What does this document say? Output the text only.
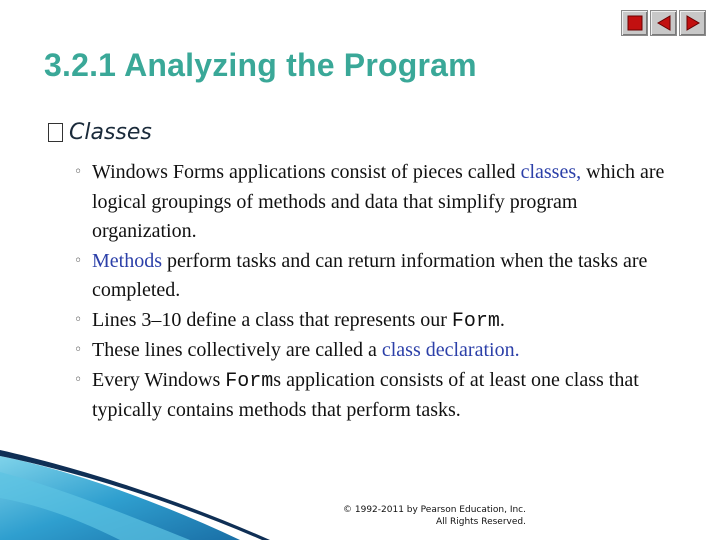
3.2.1 Analyzing the Program
Classes
◦ Windows Forms applications consist of pieces called classes, which are logical groupings of methods and data that simplify program organization.
◦ Methods perform tasks and can return information when the tasks are completed.
◦ Lines 3–10 define a class that represents our Form.
◦ These lines collectively are called a class declaration.
◦ Every Windows Forms application consists of at least one class that typically contains methods that perform tasks.
© 1992-2011 by Pearson Education, Inc.
All Rights Reserved.
